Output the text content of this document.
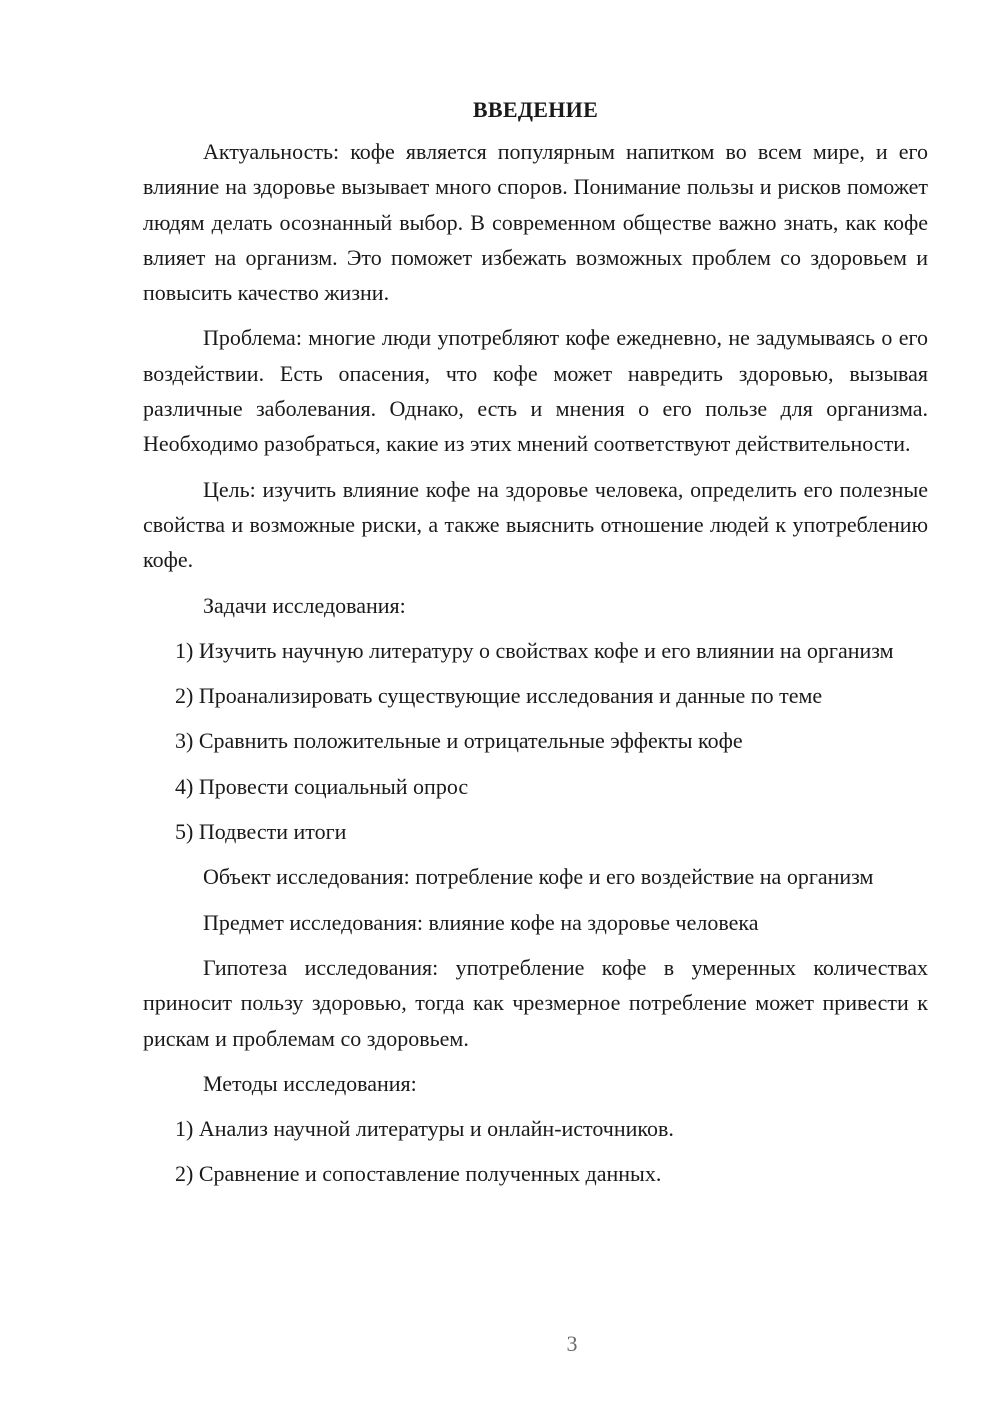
ВВЕДЕНИЕ

Актуальность: кофе является популярным напитком во всем мире, и его влияние на здоровье вызывает много споров. Понимание пользы и рисков поможет людям делать осознанный выбор. В современном обществе важно знать, как кофе влияет на организм. Это поможет избежать возможных проблем со здоровьем и повысить качество жизни.

Проблема: многие люди употребляют кофе ежедневно, не задумываясь о его воздействии. Есть опасения, что кофе может навредить здоровью, вызывая различные заболевания. Однако, есть и мнения о его пользе для организма. Необходимо разобраться, какие из этих мнений соответствуют действительности.

Цель: изучить влияние кофе на здоровье человека, определить его полезные свойства и возможные риски, а также выяснить отношение людей к употреблению кофе.

Задачи исследования:

1) Изучить научную литературу о свойствах кофе и его влиянии на организм

2) Проанализировать существующие исследования и данные по теме

3) Сравнить положительные и отрицательные эффекты кофе

4) Провести социальный опрос

5) Подвести итоги

Объект исследования: потребление кофе и его воздействие на организм

Предмет исследования: влияние кофе на здоровье человека

Гипотеза исследования: употребление кофе в умеренных количествах приносит пользу здоровью, тогда как чрезмерное потребление может привести к рискам и проблемам со здоровьем.

Методы исследования:

1) Анализ научной литературы и онлайн-источников.

2) Сравнение и сопоставление полученных данных.

3
